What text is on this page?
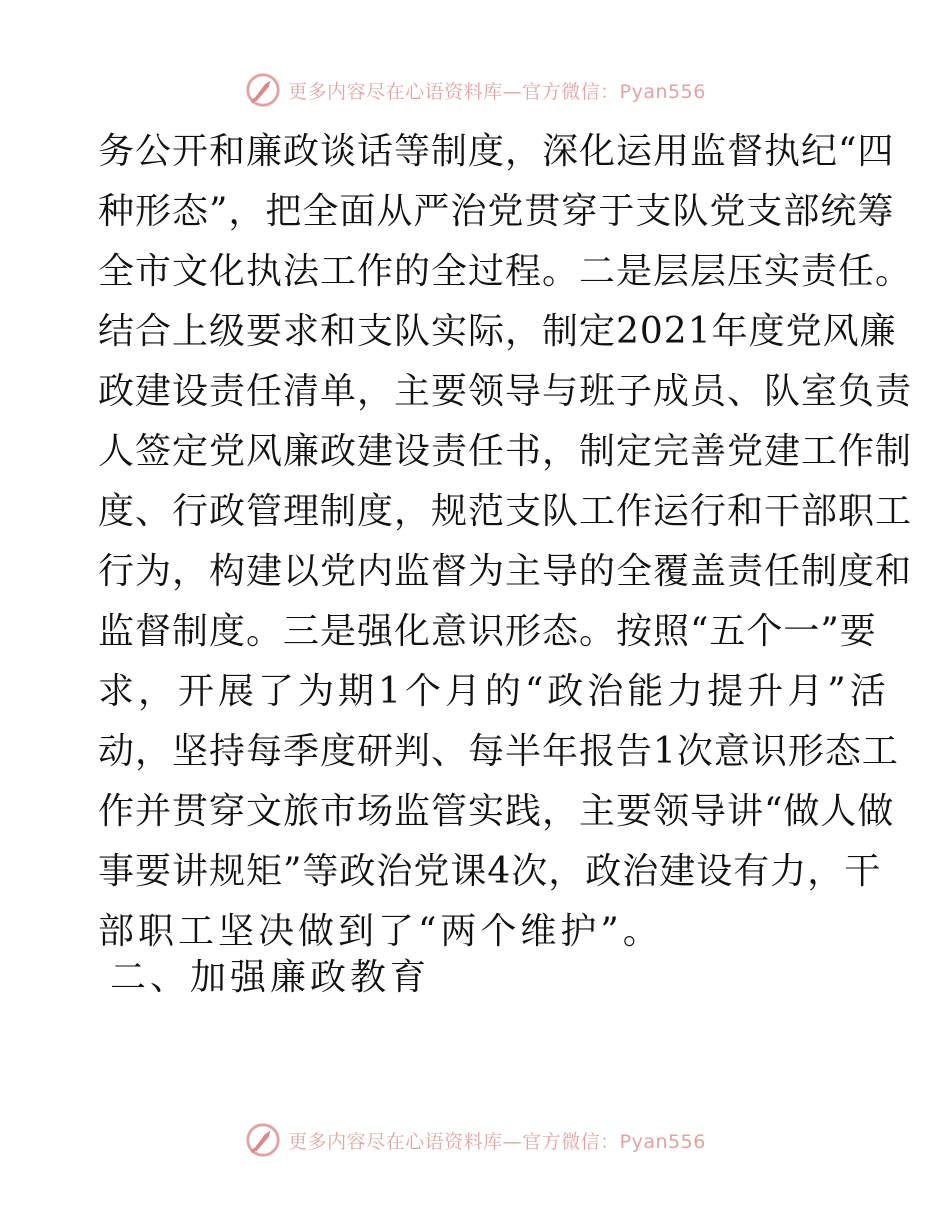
更多内容尽在心语资料库—官方微信：Pyan556
务公开和廉政谈话等制度，深化运用监督执纪“四
种形态”，把全面从严治党贯穿于支队党支部统筹
全市文化执法工作的全过程。二是层层压实责任。
结合上级要求和支队实际，制定2021年度党风廉
政建设责任清单，主要领导与班子成员、队室负责
人签定党风廉政建设责任书，制定完善党建工作制
度、行政管理制度，规范支队工作运行和干部职工
行为，构建以党内监督为主导的全覆盖责任制度和
监督制度。三是强化意识形态。按照“五个一”要
求，开展了为期1个月的“政治能力提升月”活
动，坚持每季度研判、每半年报告1次意识形态工
作并贯穿文旅市场监管实践，主要领导讲“做人做
事要讲规矩”等政治党课4次，政治建设有力，干
部职工坚决做到了“两个维护”。
二、加强廉政教育
更多内容尽在心语资料库—官方微信：Pyan556
